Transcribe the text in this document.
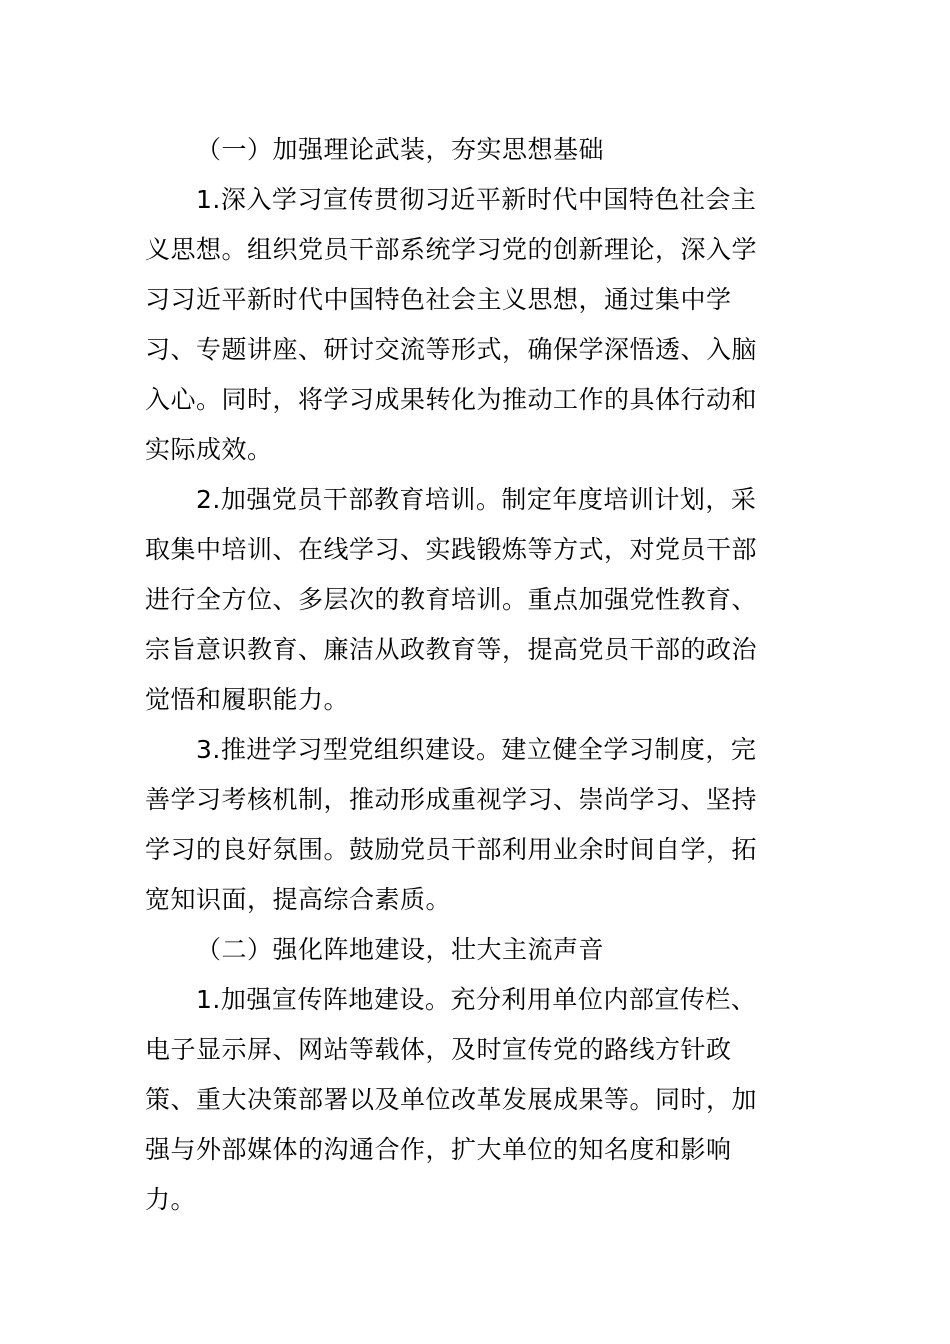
（一）加强理论武装，夯实思想基础
1.深入学习宣传贯彻习近平新时代中国特色社会主
义思想。组织党员干部系统学习党的创新理论，深入学
习习近平新时代中国特色社会主义思想，通过集中学
习、专题讲座、研讨交流等形式，确保学深悟透、入脑
入心。同时，将学习成果转化为推动工作的具体行动和
实际成效。
2.加强党员干部教育培训。制定年度培训计划，采
取集中培训、在线学习、实践锻炼等方式，对党员干部
进行全方位、多层次的教育培训。重点加强党性教育、
宗旨意识教育、廉洁从政教育等，提高党员干部的政治
觉悟和履职能力。
3.推进学习型党组织建设。建立健全学习制度，完
善学习考核机制，推动形成重视学习、崇尚学习、坚持
学习的良好氛围。鼓励党员干部利用业余时间自学，拓
宽知识面，提高综合素质。
（二）强化阵地建设，壮大主流声音
1.加强宣传阵地建设。充分利用单位内部宣传栏、
电子显示屏、网站等载体，及时宣传党的路线方针政
策、重大决策部署以及单位改革发展成果等。同时，加
强与外部媒体的沟通合作，扩大单位的知名度和影响
力。
